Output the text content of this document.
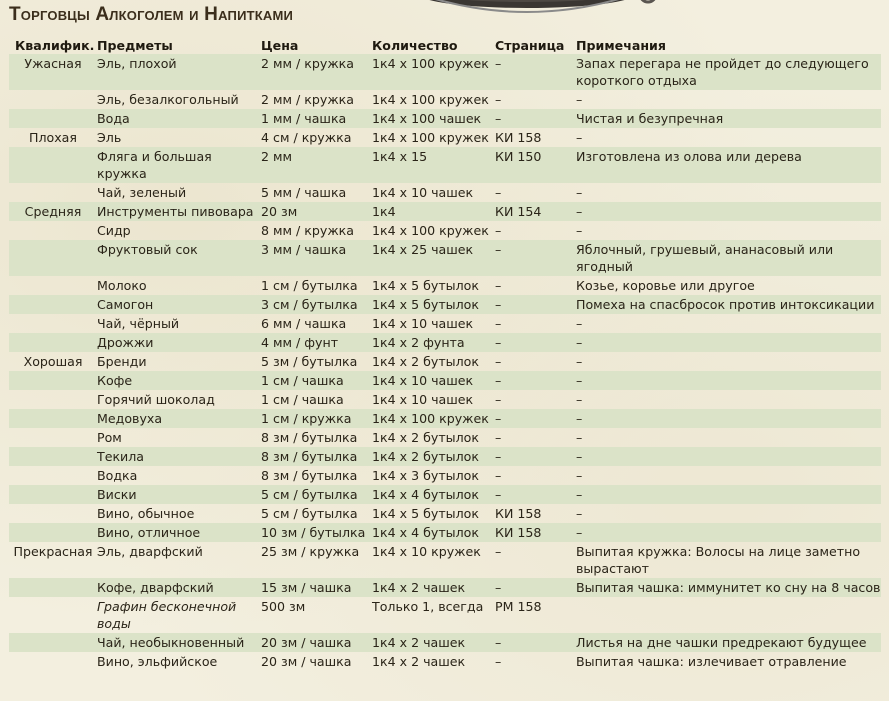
Торговцы Алкоголем и Напитками
Квалифик.	Предметы	Цена	Количество	Страница	Примечания
Ужасная	Эль, плохой	2 мм / кружка	1к4 x 100 кружек	–	Запах перегара не пройдет до следующего короткого отдыха
	Эль, безалкогольный	2 мм / кружка	1к4 x 100 кружек	–	–
	Вода	1 мм / чашка	1к4 x 100 чашек	–	Чистая и безупречная
Плохая	Эль	4 см / кружка	1к4 x 100 кружек	КИ 158	–
	Фляга и большая кружка	2 мм	1к4 x 15	КИ 150	Изготовлена из олова или дерева
	Чай, зеленый	5 мм / чашка	1к4 x 10 чашек	–	–
Средняя	Инструменты пивовара	20 зм	1к4	КИ 154	–
	Сидр	8 мм / кружка	1к4 x 100 кружек	–	–
	Фруктовый сок	3 мм / чашка	1к4 x 25 чашек	–	Яблочный, грушевый, ананасовый или ягодный
	Молоко	1 см / бутылка	1к4 x 5 бутылок	–	Козье, коровье или другое
	Самогон	3 см / бутылка	1к4 x 5 бутылок	–	Помеха на спасбросок против интоксикации
	Чай, чёрный	6 мм / чашка	1к4 x 10 чашек	–	–
	Дрожжи	4 мм / фунт	1к4 x 2 фунта	–	–
Хорошая	Бренди	5 зм / бутылка	1к4 x 2 бутылок	–	–
	Кофе	1 см / чашка	1к4 x 10 чашек	–	–
	Горячий шоколад	1 см / чашка	1к4 x 10 чашек	–	–
	Медовуха	1 см / кружка	1к4 x 100 кружек	–	–
	Ром	8 зм / бутылка	1к4 x 2 бутылок	–	–
	Текила	8 зм / бутылка	1к4 x 2 бутылок	–	–
	Водка	8 зм / бутылка	1к4 x 3 бутылок	–	–
	Виски	5 см / бутылка	1к4 x 4 бутылок	–	–
	Вино, обычное	5 см / бутылка	1к4 x 5 бутылок	КИ 158	–
	Вино, отличное	10 зм / бутылка	1к4 x 4 бутылок	КИ 158	–
Прекрасная	Эль, дварфский	25 зм / кружка	1к4 x 10 кружек	–	Выпитая кружка: Волосы на лице заметно вырастают
	Кофе, дварфский	15 зм / чашка	1к4 x 2 чашек	–	Выпитая чашка: иммунитет ко сну на 8 часов
	Графин бесконечной воды	500 зм	Только 1, всегда	РМ 158	
	Чай, необыкновенный	20 зм / чашка	1к4 x 2 чашек	–	Листья на дне чашки предрекают будущее
	Вино, эльфийское	20 зм / чашка	1к4 x 2 чашек	–	Выпитая чашка: излечивает отравление
